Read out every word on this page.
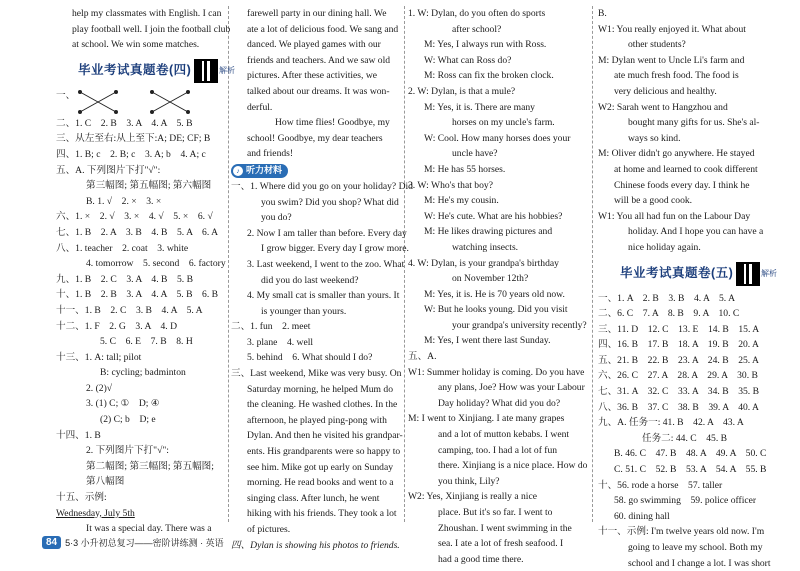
help my classmates with English. I can
play football well. I join the football club
at school. We win some matches.
毕业考试真题卷(四)	解析
一、
二、1. C　2. B　3. A　4. A　5. B
三、从左至右:从上至下:A; DE; CF; B
四、1. B; c　2. B; c　3. A; b　4. A; c
五、A. 下列图片下打"√":
第三幅图; 第五幅图; 第六幅图
B. 1. √　2. ×　3. ×
六、1. ×　2. √　3. ×　4. √　5. ×　6. √
七、1. B　2. A　3. B　4. B　5. A　6. A
八、1. teacher　2. coat　3. white
4. tomorrow　5. second　6. factory
九、1. B　2. C　3. A　4. B　5. B
十、1. B　2. B　3. A　4. A　5. B　6. B
十一、1. B　2. C　3. B　4. A　5. A
十二、1. F　2. G　3. A　4. D
5. C　6. E　7. B　8. H
十三、1. A: tall; pilot
B: cycling; badminton
2. (2)√
3. (1) C; ①　D; ④
(2) C; b　D; e
十四、1. B
2. 下列图片下打"√":
第二幅图; 第三幅图; 第五幅图;
第八幅图
十五、示例:
Wednesday, July 5th
It was a special day. There was a
farewell party in our dining hall. We
ate a lot of delicious food. We sang and
danced. We played games with our
friends and teachers. And we saw old
pictures. After these activities, we
talked about our dreams. It was won-
derful.
How time flies! Goodbye, my
school! Goodbye, my dear teachers
and friends!
♪ 听力材料
一、1. Where did you go on your holiday? Did
you swim? Did you shop? What did
you do?
2. Now I am taller than before. Every day
I grow bigger. Every day I grow more.
3. Last weekend, I went to the zoo. What
did you do last weekend?
4. My small cat is smaller than yours. It
is younger than yours.
二、1. fun　2. meet
3. plane　4. well
5. behind　6. What should I do?
三、Last weekend, Mike was very busy. On
Saturday morning, he helped Mum do
the cleaning. He washed clothes. In the
afternoon, he played ping-pong with
Dylan. And then he visited his grandpar-
ents. His grandparents were so happy to
see him. Mike got up early on Sunday
morning. He read books and went to a
singing class. After lunch, he went
hiking with his friends. They took a lot
of pictures.
四、Dylan is showing his photos to friends.
1. W: Dylan, do you often do sports
after school?
M: Yes, I always run with Ross.
W: What can Ross do?
M: Ross can fix the broken clock.
2. W: Dylan, is that a mule?
M: Yes, it is. There are many
horses on my uncle's farm.
W: Cool. How many horses does your
uncle have?
M: He has 55 horses.
3. W: Who's that boy?
M: He's my cousin.
W: He's cute. What are his hobbies?
M: He likes drawing pictures and
watching insects.
4. W: Dylan, is your grandpa's birthday
on November 12th?
M: Yes, it is. He is 70 years old now.
W: But he looks young. Did you visit
your grandpa's university recently?
M: Yes, I went there last Sunday.
五、A.
W1: Summer holiday is coming. Do you have
any plans, Joe? How was your Labour
Day holiday? What did you do?
M: I went to Xinjiang. I ate many grapes
and a lot of mutton kebabs. I went
camping, too. I had a lot of fun
there. Xinjiang is a nice place. How do
you think, Lily?
W2: Yes, Xinjiang is really a nice
place. But it's so far. I went to
Zhoushan. I went swimming in the
sea. I ate a lot of fresh seafood. I
had a good time there.
B.
W1: You really enjoyed it. What about
other students?
M: Dylan went to Uncle Li's farm and
ate much fresh food. The food is
very delicious and healthy.
W2: Sarah went to Hangzhou and
bought many gifts for us. She's al-
ways so kind.
M: Oliver didn't go anywhere. He stayed
at home and learned to cook different
Chinese foods every day. I think he
will be a good cook.
W1: You all had fun on the Labour Day
holiday. And I hope you can have a
nice holiday again.
毕业考试真题卷(五)	解析
一、1. A　2. B　3. B　4. A　5. A
二、6. C　7. A　8. B　9. A　10. C
三、11. D　12. C　13. E　14. B　15. A
四、16. B　17. B　18. A　19. B　20. A
五、21. B　22. B　23. A　24. B　25. A
六、26. C　27. A　28. A　29. A　30. B
七、31. A　32. C　33. A　34. B　35. B
八、36. B　37. C　38. B　39. A　40. A
九、A. 任务一: 41. B　42. A　43. A
任务二: 44. C　45. B
B. 46. C　47. B　48. A　49. A　50. C
C. 51. C　52. B　53. A　54. A　55. B
十、56. rode a horse　57. taller
58. go swimming　59. police officer
60. dining hall
十一、示例: I'm twelve years old now. I'm
going to leave my school. Both my
school and I change a lot. I was short
84 5·3 小升初总复习——密阶讲练测 · 英语
